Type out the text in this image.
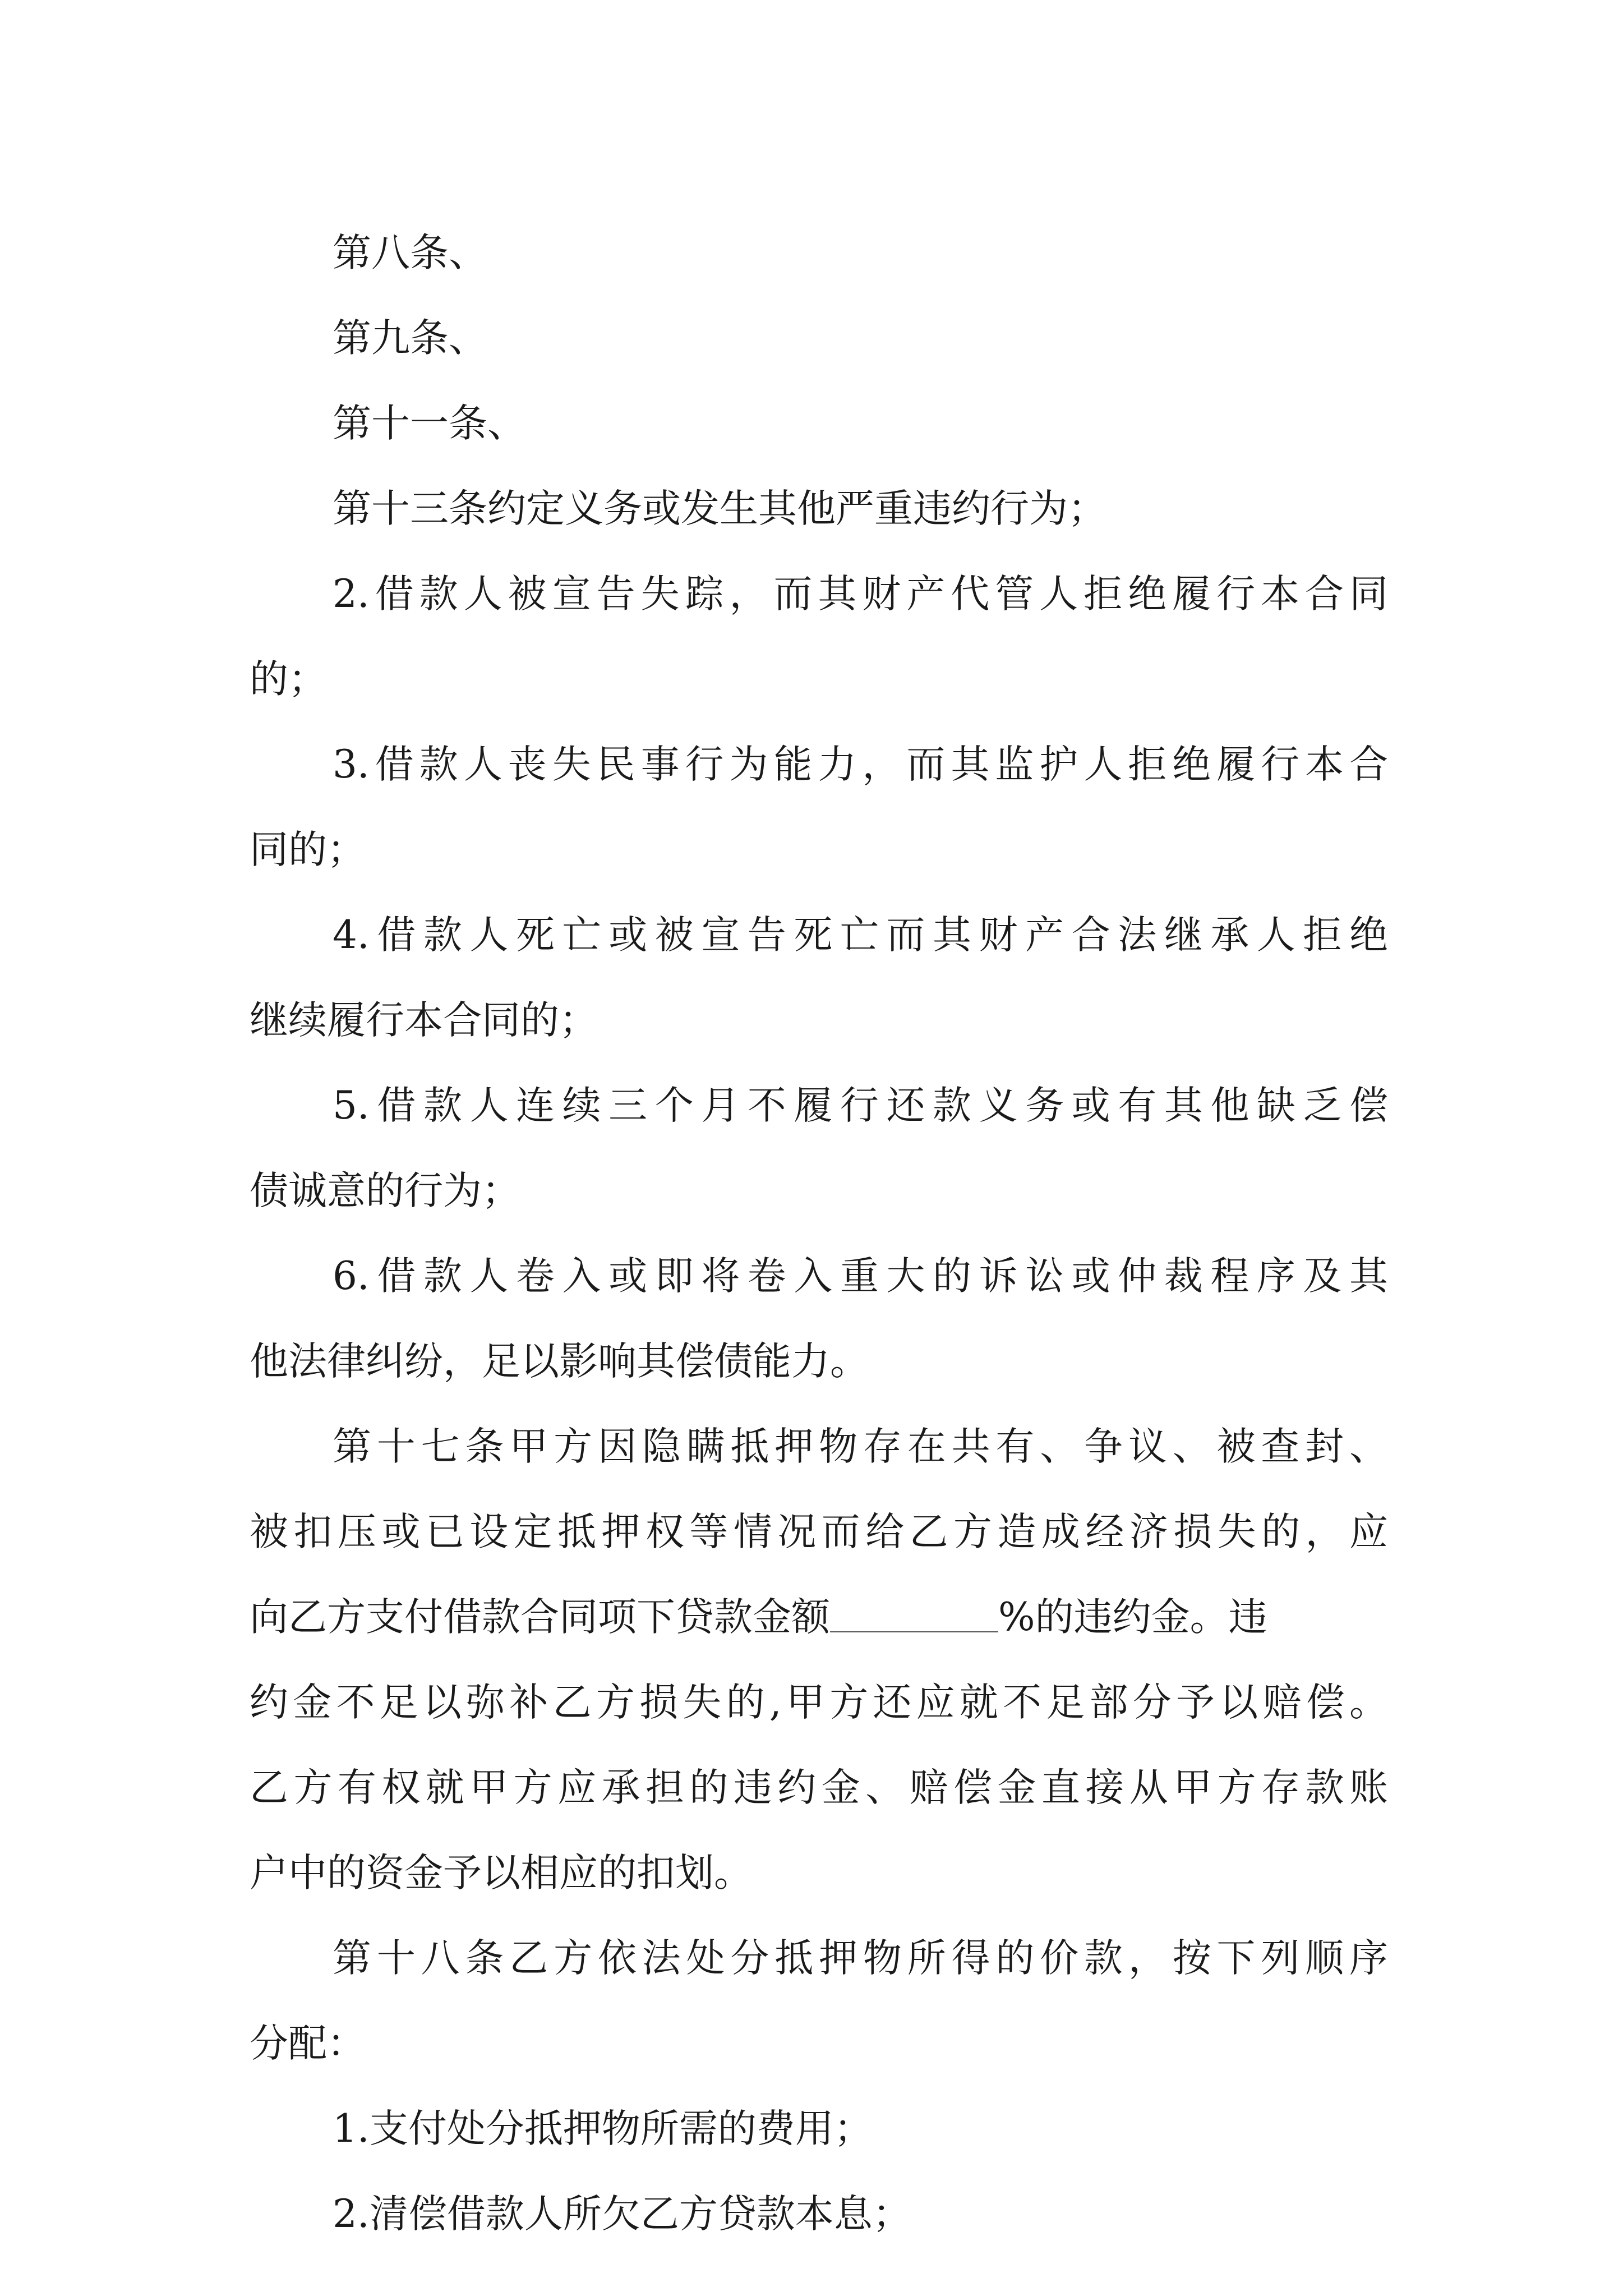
第八条、
第九条、
第十一条、
第十三条约定义务或发生其他严重违约行为；
2.借款人被宣告失踪，而其财产代管人拒绝履行本合同
的；
3.借款人丧失民事行为能力，而其监护人拒绝履行本合
同的；
4.借款人死亡或被宣告死亡而其财产合法继承人拒绝
继续履行本合同的；
5.借款人连续三个月不履行还款义务或有其他缺乏偿
债诚意的行为；
6.借款人卷入或即将卷入重大的诉讼或仲裁程序及其
他法律纠纷，足以影响其偿债能力。
第十七条甲方因隐瞒抵押物存在共有、争议、被查封、
被扣压或已设定抵押权等情况而给乙方造成经济损失的，应
向乙方支付借款合同项下贷款金额	%的违约金。违
约金不足以弥补乙方损失的,甲方还应就不足部分予以赔偿。
乙方有权就甲方应承担的违约金、赔偿金直接从甲方存款账
户中的资金予以相应的扣划。
第十八条乙方依法处分抵押物所得的价款，按下列顺序
分配：
1.支付处分抵押物所需的费用；
2.清偿借款人所欠乙方贷款本息；
